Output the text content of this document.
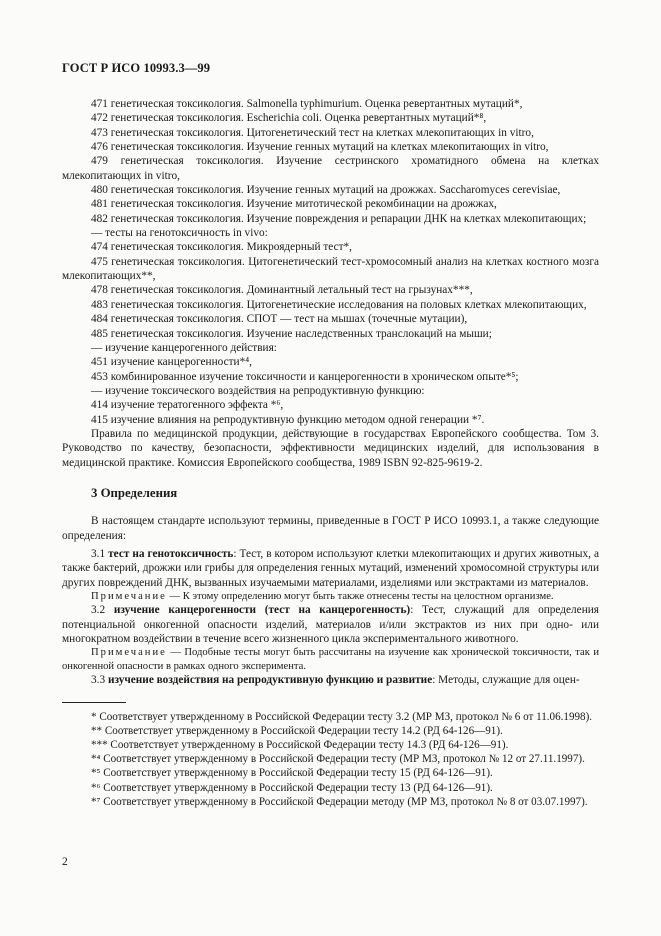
ГОСТ Р ИСО 10993.3—99

471 генетическая токсикология. Salmonella typhimurium. Оценка ревертантных мутаций*,

472 генетическая токсикология. Escherichia coli. Оценка ревертантных мутаций*⁸,

473 генетическая токсикология. Цитогенетический тест на клетках млекопитающих in vitro,

476 генетическая токсикология. Изучение генных мутаций на клетках млекопитающих in vitro,

479 генетическая токсикология. Изучение сестринского хроматидного обмена на клетках млекопитающих in vitro,

480 генетическая токсикология. Изучение генных мутаций на дрожжах. Saccharomyces cerevisiae,

481 генетическая токсикология. Изучение митотической рекомбинации на дрожжах,

482 генетическая токсикология. Изучение повреждения и репарации ДНК на клетках млекопитающих;

— тесты на генотоксичность in vivo:

474 генетическая токсикология. Микроядерный тест*,

475 генетическая токсикология. Цитогенетический тест-хромосомный анализ на клетках костного мозга млекопитающих**,

478 генетическая токсикология. Доминантный летальный тест на грызунах***,

483 генетическая токсикология. Цитогенетические исследования на половых клетках млекопитающих,

484 генетическая токсикология. СПОТ — тест на мышах (точечные мутации),

485 генетическая токсикология. Изучение наследственных транслокаций на мыши;

— изучение канцерогенного действия:

451 изучение канцерогенности*⁴,

453 комбинированное изучение токсичности и канцерогенности в хроническом опыте*⁵;

— изучение токсического воздействия на репродуктивную функцию:

414 изучение тератогенного эффекта *⁶,

415 изучение влияния на репродуктивную функцию методом одной генерации *⁷.

Правила по медицинской продукции, действующие в государствах Европейского сообщества. Том 3. Руководство по качеству, безопасности, эффективности медицинских изделий, для использования в медицинской практике. Комиссия Европейского сообщества, 1989 ISBN 92-825-9619-2.

3 Определения

В настоящем стандарте используют термины, приведенные в ГОСТ Р ИСО 10993.1, а также следующие определения:

3.1 тест на генотоксичность: Тест, в котором используют клетки млекопитающих и других животных, а также бактерий, дрожжи или грибы для определения генных мутаций, изменений хромосомной структуры или других повреждений ДНК, вызванных изучаемыми материалами, изделиями или экстрактами из материалов.

Примечание — К этому определению могут быть также отнесены тесты на целостном организме.

3.2 изучение канцерогенности (тест на канцерогенность): Тест, служащий для определения потенциальной онкогенной опасности изделий, материалов и/или экстрактов из них при одно- или многократном воздействии в течение всего жизненного цикла экспериментального животного.

Примечание — Подобные тесты могут быть рассчитаны на изучение как хронической токсичности, так и онкогенной опасности в рамках одного эксперимента.

3.3 изучение воздействия на репродуктивную функцию и развитие: Методы, служащие для оцен-

* Соответствует утвержденному в Российской Федерации тесту 3.2 (МР МЗ, протокол № 6 от 11.06.1998).

** Соответствует утвержденному в Российской Федерации тесту 14.2 (РД 64-126—91).

*** Соответствует утвержденному в Российской Федерации тесту 14.3 (РД 64-126—91).

*⁴ Соответствует утвержденному в Российской Федерации тесту (МР МЗ, протокол № 12 от 27.11.1997).

*⁵ Соответствует утвержденному в Российской Федерации тесту 15 (РД 64-126—91).

*⁶ Соответствует утвержденному в Российской Федерации тесту 13 (РД 64-126—91).

*⁷ Соответствует утвержденному в Российской Федерации методу (МР МЗ, протокол № 8 от 03.07.1997).

2
